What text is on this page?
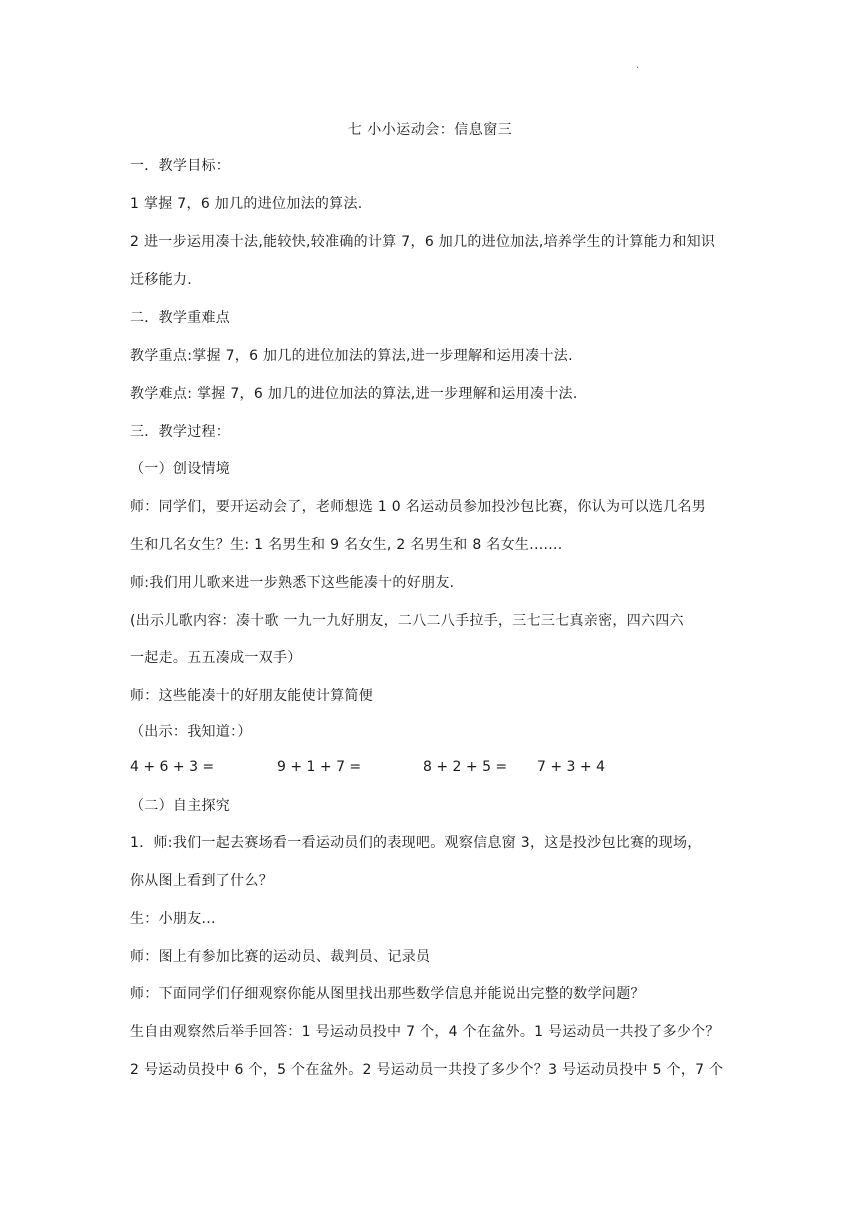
.
七 小小运动会：信息窗三
一．教学目标：
1 掌握 7，6 加几的进位加法的算法.
2 进一步运用凑十法,能较快,较准确的计算 7，6 加几的进位加法,培养学生的计算能力和知识
迁移能力.
二．教学重难点
教学重点:掌握 7，6 加几的进位加法的算法,进一步理解和运用凑十法.
教学难点: 掌握 7，6 加几的进位加法的算法,进一步理解和运用凑十法.
三．教学过程：
（一）创设情境
师：同学们，要开运动会了，老师想选 1 0 名运动员参加投沙包比赛，你认为可以选几名男
生和几名女生？生: 1 名男生和 9 名女生, 2 名男生和 8 名女生.......
师:我们用儿歌来进一步熟悉下这些能凑十的好朋友.
(出示儿歌内容：凑十歌 一九一九好朋友，二八二八手拉手，三七三七真亲密，四六四六
一起走。五五凑成一双手）
师：这些能凑十的好朋友能使计算简便
（出示：我知道：）
4 + 6 + 3 =	9 + 1 + 7 =	8 + 2 + 5 = 7 + 3 + 4
（二）自主探究
1．师:我们一起去赛场看一看运动员们的表现吧。观察信息窗 3，这是投沙包比赛的现场，
你从图上看到了什么？
生：小朋友...
师：图上有参加比赛的运动员、裁判员、记录员
师：下面同学们仔细观察你能从图里找出那些数学信息并能说出完整的数学问题？
生自由观察然后举手回答：1 号运动员投中 7 个，4 个在盆外。1 号运动员一共投了多少个？
2 号运动员投中 6 个，5 个在盆外。2 号运动员一共投了多少个？3 号运动员投中 5 个，7 个
